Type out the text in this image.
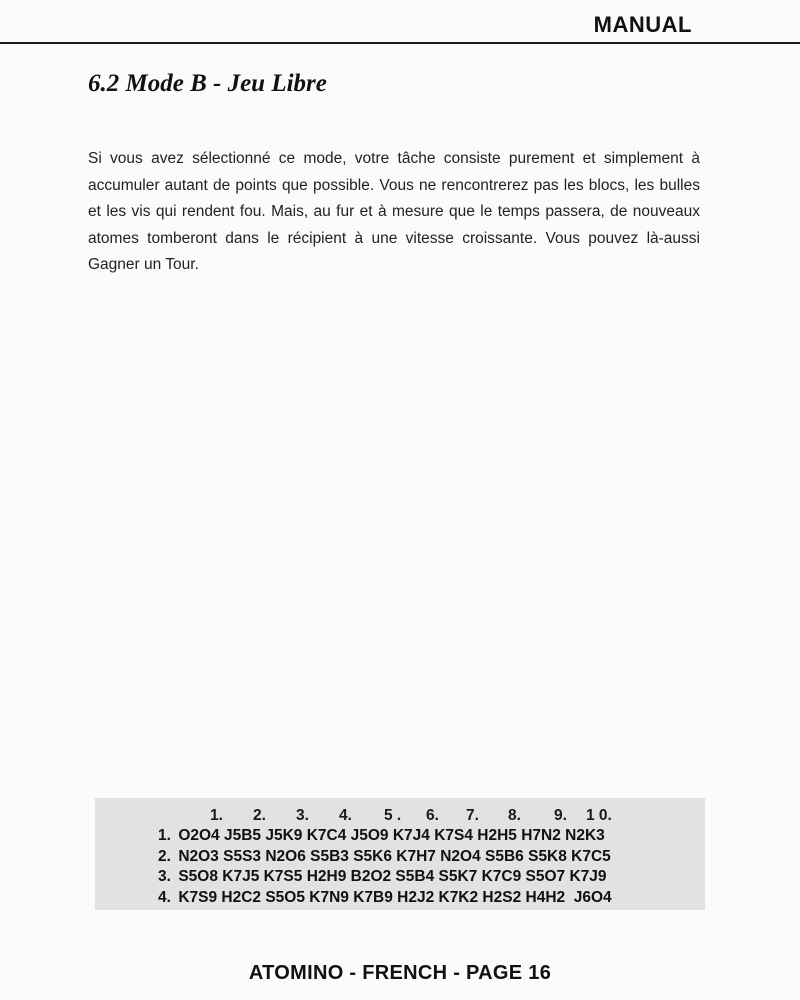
MANUAL
6.2 Mode B - Jeu Libre

Si vous avez sélectionné ce mode, votre tâche consiste purement et simplement à accumuler autant de points que possible. Vous ne rencontrerez pas les blocs, les bulles et les vis qui rendent fou. Mais, au fur et à mesure que le temps passera, de nouveaux atomes tomberont dans le récipient à une vitesse croissante. Vous pouvez là-aussi Gagner un Tour.

1.	2.	3.	4.	5 .	6.	7.	8.	9.	1 0.
1. O2O4 J5B5 J5K9 K7C4 J5O9 K7J4 K7S4 H2H5 H7N2 N2K3
2. N2O3 S5S3 N2O6 S5B3 S5K6 K7H7 N2O4 S5B6 S5K8 K7C5
3. S5O8 K7J5 K7S5 H2H9 B2O2 S5B4 S5K7 K7C9 S5O7 K7J9
4. K7S9 H2C2 S5O5 K7N9 K7B9 H2J2 K7K2 H2S2 H4H2  J6O4
ATOMINO - FRENCH - PAGE 16
